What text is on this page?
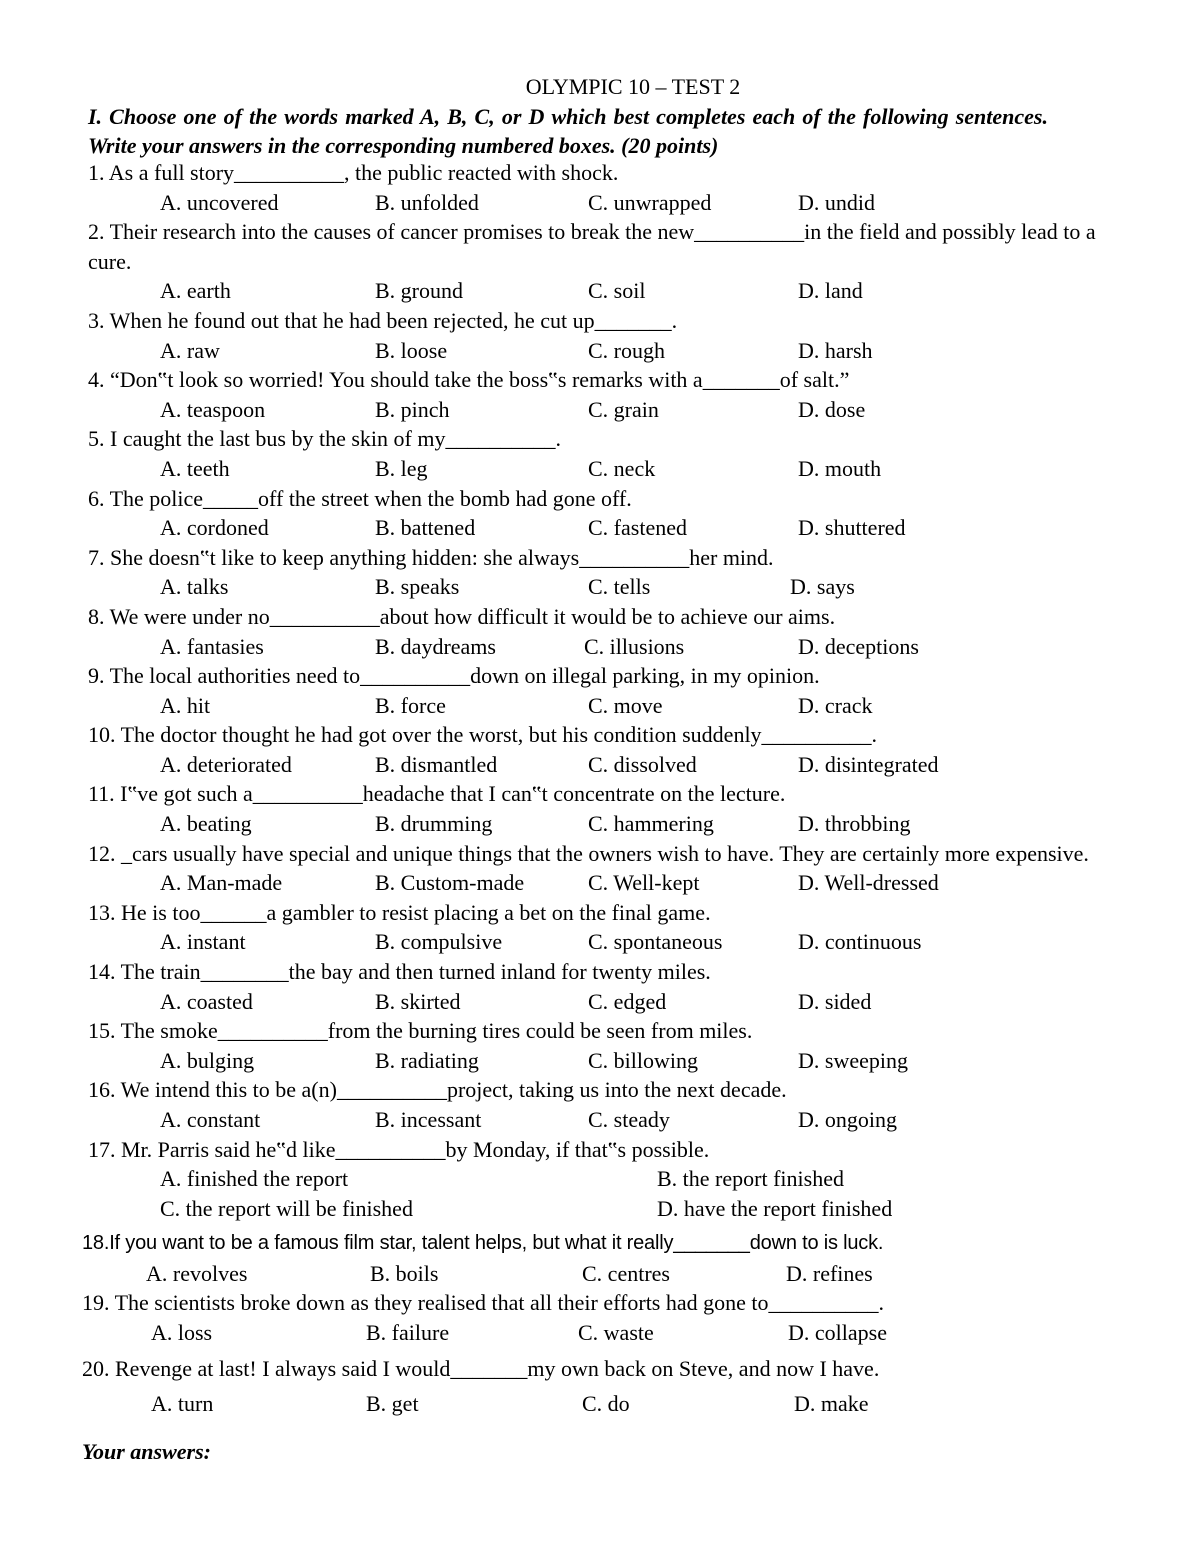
OLYMPIC 10 – TEST 2
I. Choose one of the words marked A, B, C, or D which best completes each of the following sentences. Write your answers in the corresponding numbered boxes. (20 points)
1. As a full story__________, the public reacted with shock.
A. uncovered	B. unfolded	C. unwrapped	D. undid
2. Their research into the causes of cancer promises to break the new__________in the field and possibly lead to a cure.
A. earth	B. ground	C. soil	D. land
3. When he found out that he had been rejected, he cut up_______.
A. raw	B. loose	C. rough	D. harsh
4. “Don‟t look so worried! You should take the boss‟s remarks with a_______of salt.”
A. teaspoon	B. pinch	C. grain	D. dose
5. I caught the last bus by the skin of my__________.
A. teeth	B. leg	C. neck	D. mouth
6. The police_____off the street when the bomb had gone off.
A. cordoned	B. battened	C. fastened	D. shuttered
7. She doesn‟t like to keep anything hidden: she always__________her mind.
A. talks	B. speaks	C. tells	D. says
8. We were under no__________about how difficult it would be to achieve our aims.
A. fantasies	B. daydreams	C. illusions	D. deceptions
9. The local authorities need to__________down on illegal parking, in my opinion.
A. hit	B. force	C. move	D. crack
10. The doctor thought he had got over the worst, but his condition suddenly__________.
A. deteriorated	B. dismantled	C. dissolved	D. disintegrated
11. I‟ve got such a__________headache that I can‟t concentrate on the lecture.
A. beating	B. drumming	C. hammering	D. throbbing
12. _cars usually have special and unique things that the owners wish to have. They are certainly more expensive.
A. Man-made	B. Custom-made	C. Well-kept	D. Well-dressed
13. He is too______a gambler to resist placing a bet on the final game.
A. instant	B. compulsive	C. spontaneous	D. continuous
14. The train________the bay and then turned inland for twenty miles.
A. coasted	B. skirted	C. edged	D. sided
15. The smoke__________from the burning tires could be seen from miles.
A. bulging	B. radiating	C. billowing	D. sweeping
16. We intend this to be a(n)__________project, taking us into the next decade.
A. constant	B. incessant	C. steady	D. ongoing
17. Mr. Parris said he‟d like__________by Monday, if that‟s possible.
A. finished the report	B. the report finished
C. the report will be finished	D. have the report finished
18.If you want to be a famous film star, talent helps, but what it really_______down to is luck.
A. revolves	B. boils	C. centres	D. refines
19. The scientists broke down as they realised that all their efforts had gone to__________.
A. loss	B. failure	C. waste	D. collapse
20. Revenge at last! I always said I would_______my own back on Steve, and now I have.
A. turn	B. get	C. do	D. make
Your answers:
